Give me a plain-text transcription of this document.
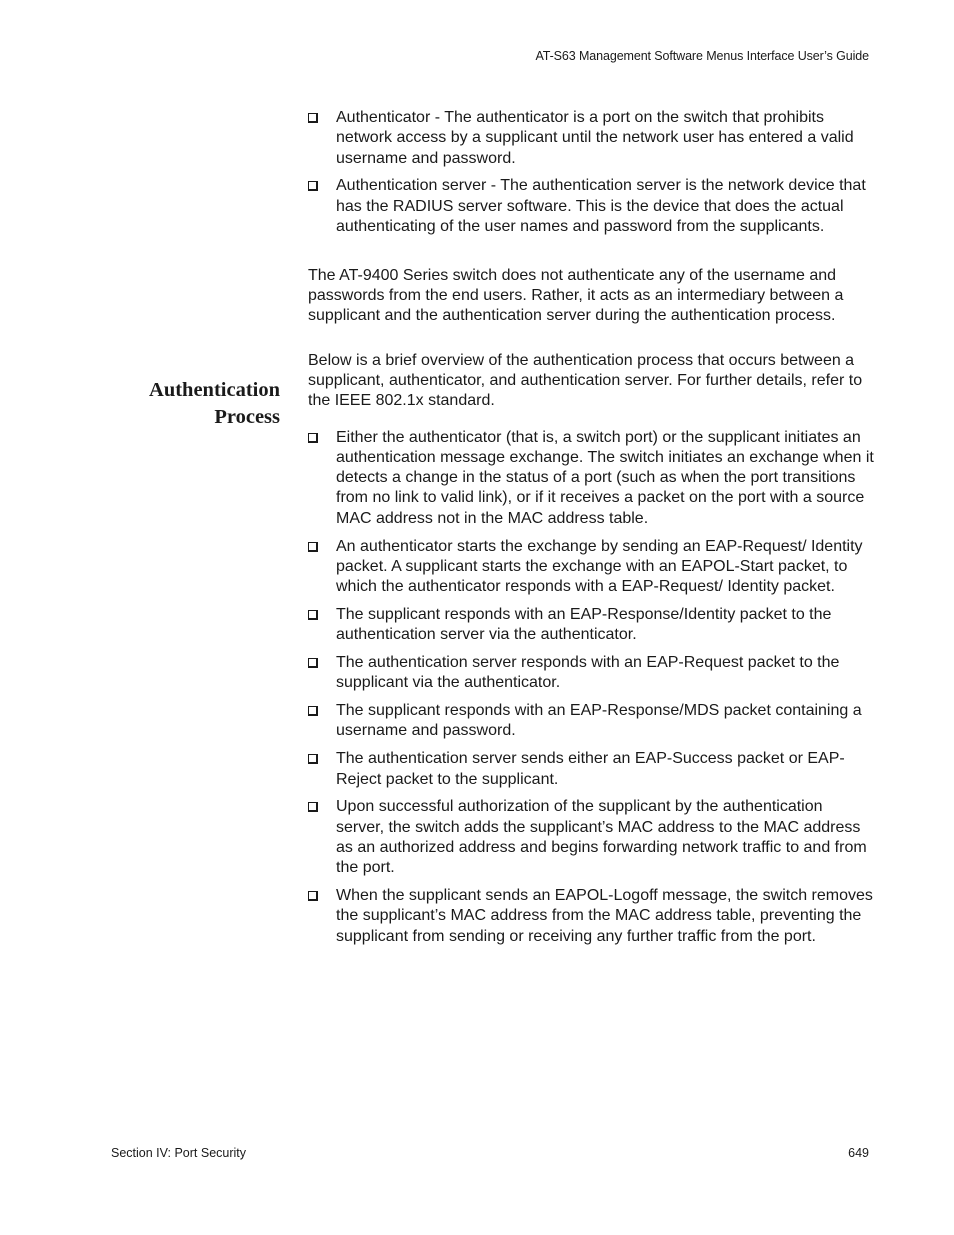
AT-S63 Management Software Menus Interface User’s Guide
Authentication
Process
Authenticator - The authenticator is a port on the switch that prohibits network access by a supplicant until the network user has entered a valid username and password.
Authentication server - The authentication server is the network device that has the RADIUS server software. This is the device that does the actual authenticating of the user names and password from the supplicants.

The AT-9400 Series switch does not authenticate any of the username and passwords from the end users. Rather, it acts as an intermediary between a supplicant and the authentication server during the authentication process.

Below is a brief overview of the authentication process that occurs between a supplicant, authenticator, and authentication server. For further details, refer to the IEEE 802.1x standard.

Either the authenticator (that is, a switch port) or the supplicant initiates an authentication message exchange. The switch initiates an exchange when it detects a change in the status of a port (such as when the port transitions from no link to valid link), or if it receives a packet on the port with a source MAC address not in the MAC address table.
An authenticator starts the exchange by sending an EAP-Request/ Identity packet. A supplicant starts the exchange with an EAPOL-Start packet, to which the authenticator responds with a EAP-Request/ Identity packet.
The supplicant responds with an EAP-Response/Identity packet to the authentication server via the authenticator.
The authentication server responds with an EAP-Request packet to the supplicant via the authenticator.
The supplicant responds with an EAP-Response/MDS packet containing a username and password.
The authentication server sends either an EAP-Success packet or EAP-Reject packet to the supplicant.
Upon successful authorization of the supplicant by the authentication server, the switch adds the supplicant’s MAC address to the MAC address as an authorized address and begins forwarding network traffic to and from the port.
When the supplicant sends an EAPOL-Logoff message, the switch removes the supplicant’s MAC address from the MAC address table, preventing the supplicant from sending or receiving any further traffic from the port.
Section IV: Port Security	649
